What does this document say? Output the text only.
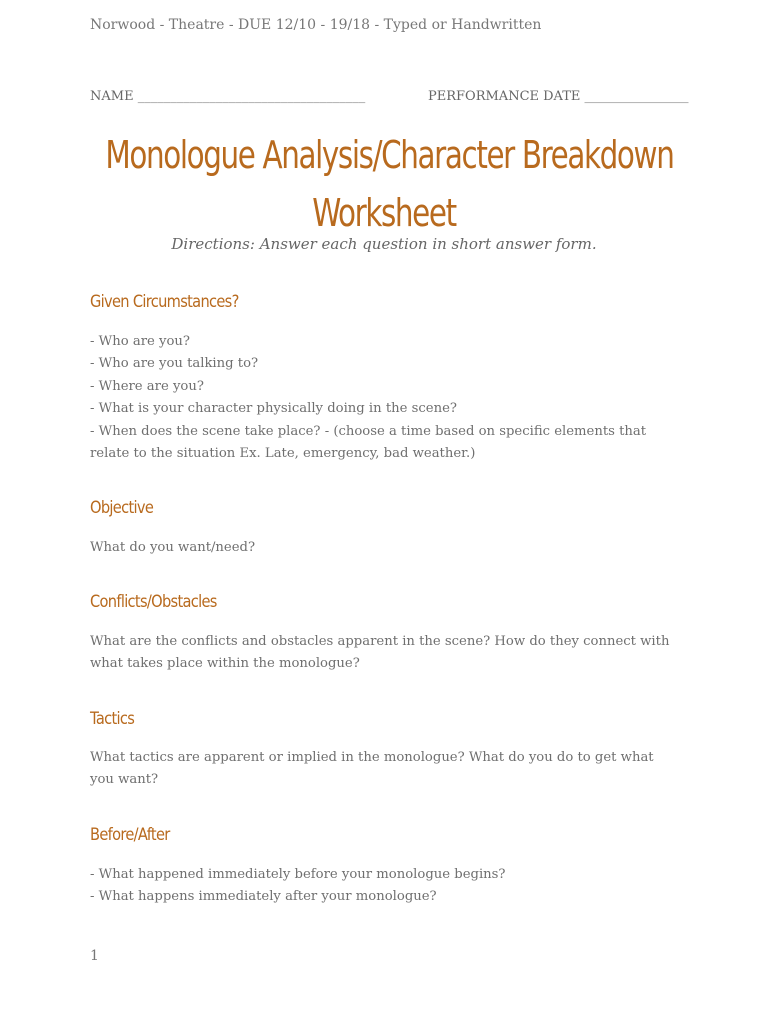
Norwood - Theatre - DUE 12/10 - 19/18 - Typed or Handwritten
NAME ___________________________________	PERFORMANCE DATE ________________
Monologue Analysis/Character Breakdown
Worksheet
Directions: Answer each question in short answer form.
Given Circumstances?
- Who are you?
- Who are you talking to?
- Where are you?
- What is your character physically doing in the scene?
- When does the scene take place? - (choose a time based on specific elements that relate to the situation Ex. Late, emergency, bad weather.)
Objective
What do you want/need?
Conflicts/Obstacles
What are the conflicts and obstacles apparent in the scene? How do they connect with what takes place within the monologue?
Tactics
What tactics are apparent or implied in the monologue? What do you do to get what you want?
Before/After
- What happened immediately before your monologue begins?
- What happens immediately after your monologue?
1
